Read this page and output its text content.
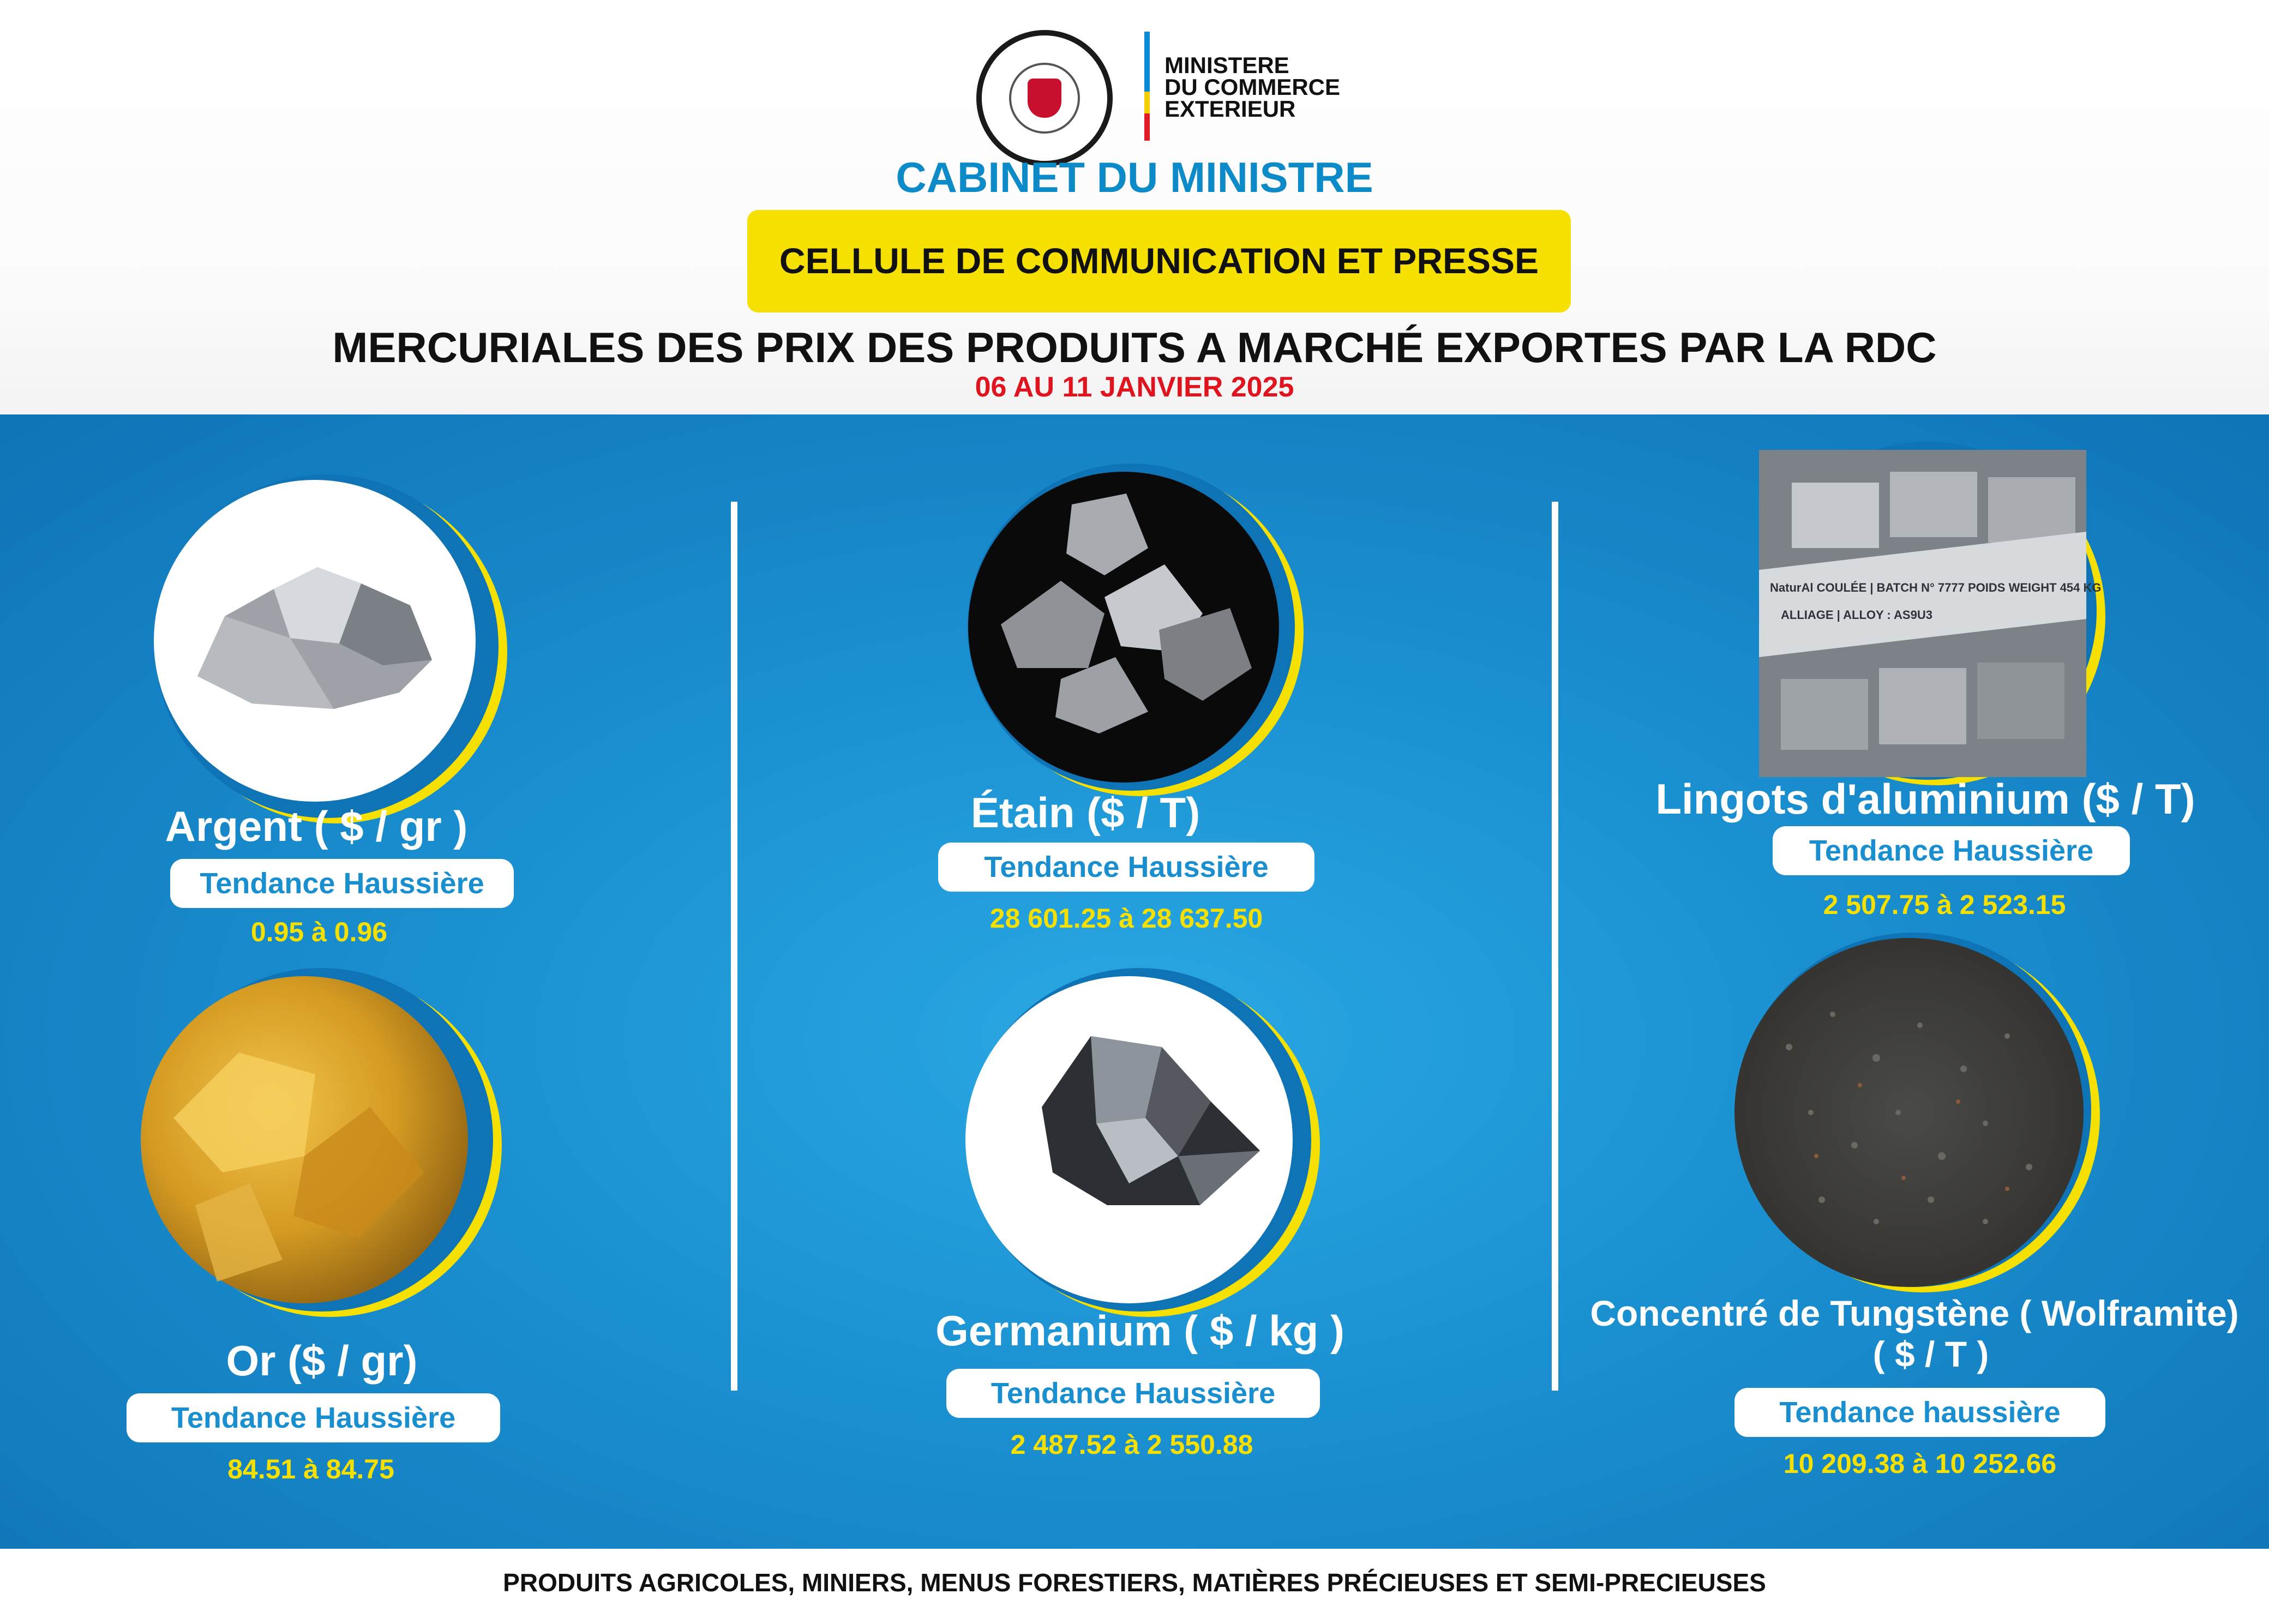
MINISTERE
DU COMMERCE
EXTERIEUR
CABINET DU MINISTRE
CELLULE DE COMMUNICATION ET PRESSE
MERCURIALES DES PRIX DES PRODUITS A MARCHÉ EXPORTES PAR LA RDC
06 AU 11 JANVIER 2025
Argent ( $ / gr )
Tendance Haussière
0.95 à 0.96
Or ($ / gr)
Tendance Haussière
84.51 à 84.75
Étain ($ / T)
Tendance Haussière
28 601.25 à 28 637.50
Germanium ( $ / kg )
Tendance Haussière
2 487.52 à 2 550.88
NaturAl COULÉE | BATCH N° 7777 POIDS WEIGHT 454 KG
ALLIAGE | ALLOY : AS9U3
Lingots d'aluminium ($ / T)
Tendance Haussière
2 507.75 à 2 523.15
Concentré de Tungstène ( Wolframite)
( $ / T )
Tendance haussière
10 209.38 à 10 252.66
PRODUITS AGRICOLES, MINIERS, MENUS FORESTIERS, MATIÈRES PRÉCIEUSES ET SEMI-PRECIEUSES
